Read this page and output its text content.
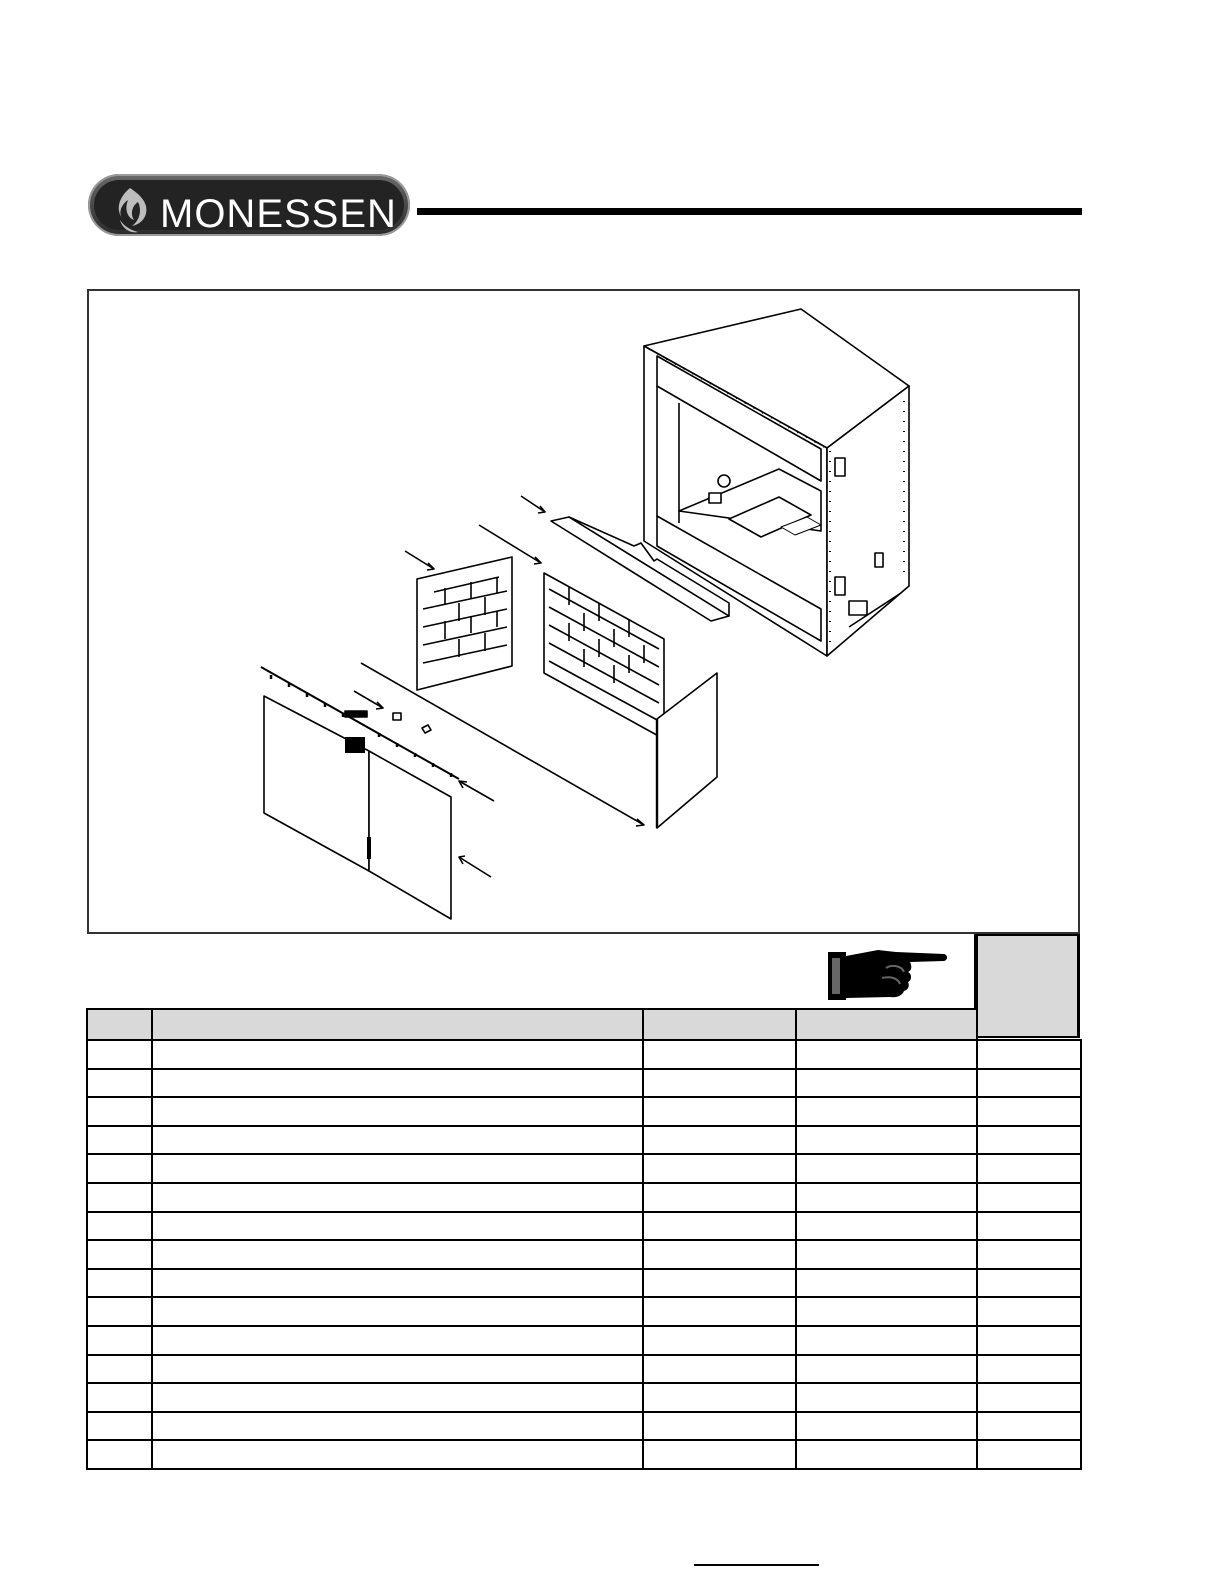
MONESSEN
